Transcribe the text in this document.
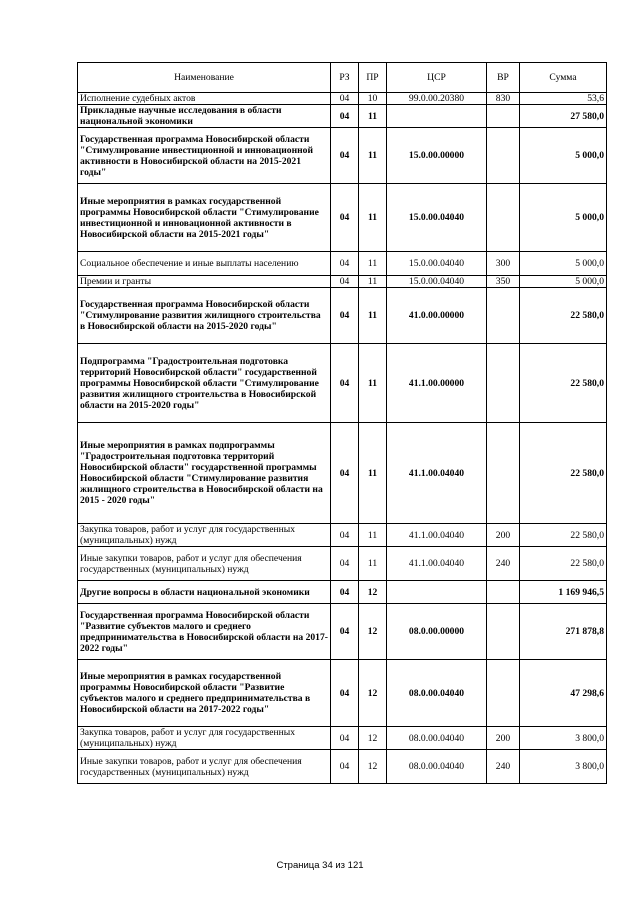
Наименование	РЗ	ПР	ЦСР	ВР	Сумма
Исполнение судебных актов	04	10	99.0.00.20380	830	53,6
Прикладные научные исследования в области национальной экономики	04	11			27 580,0
Государственная программа Новосибирской области "Стимулирование инвестиционной и инновационной активности в Новосибирской области на 2015-2021 годы"	04	11	15.0.00.00000		5 000,0
Иные мероприятия в рамках государственной программы Новосибирской области "Стимулирование инвестиционной и инновационной активности в Новосибирской области на 2015-2021 годы"	04	11	15.0.00.04040		5 000,0
Социальное обеспечение и иные выплаты населению	04	11	15.0.00.04040	300	5 000,0
Премии и гранты	04	11	15.0.00.04040	350	5 000,0
Государственная программа Новосибирской области "Стимулирование развития жилищного строительства в Новосибирской области на 2015-2020 годы"	04	11	41.0.00.00000		22 580,0
Подпрограмма "Градостроительная подготовка территорий Новосибирской области" государственной программы Новосибирской области "Стимулирование развития жилищного строительства в Новосибирской области на 2015-2020 годы"	04	11	41.1.00.00000		22 580,0
Иные мероприятия в рамках подпрограммы "Градостроительная подготовка территорий Новосибирской области" государственной программы Новосибирской области "Стимулирование развития жилищного строительства в Новосибирской области на 2015 - 2020 годы"	04	11	41.1.00.04040		22 580,0
Закупка товаров, работ и услуг для государственных (муниципальных) нужд	04	11	41.1.00.04040	200	22 580,0
Иные закупки товаров, работ и услуг для обеспечения государственных (муниципальных) нужд	04	11	41.1.00.04040	240	22 580,0
Другие вопросы в области национальной экономики	04	12			1 169 946,5
Государственная программа Новосибирской области "Развитие субъектов малого и среднего предпринимательства в Новосибирской области на 2017-2022 годы"	04	12	08.0.00.00000		271 878,8
Иные мероприятия в рамках государственной программы Новосибирской области "Развитие субъектов малого и среднего предпринимательства в Новосибирской области на 2017-2022 годы"	04	12	08.0.00.04040		47 298,6
Закупка товаров, работ и услуг для государственных (муниципальных) нужд	04	12	08.0.00.04040	200	3 800,0
Иные закупки товаров, работ и услуг для обеспечения государственных (муниципальных) нужд	04	12	08.0.00.04040	240	3 800,0
Страница 34 из 121
